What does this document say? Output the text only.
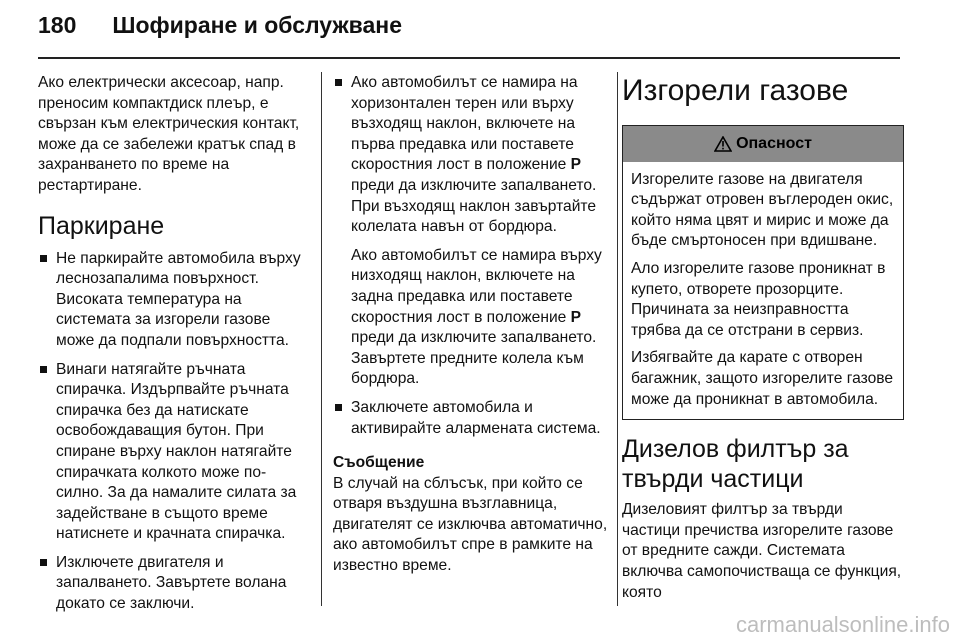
180 Шофиране и обслужване

Ако електрически аксесоар, напр. преносим компактдиск плеър, е свързан към електрическия контакт, може да се забележи кратък спад в захранването по време на рестартиране.

Паркиране
Не паркирайте автомобила върху леснозапалима повърхност. Високата температура на системата за изгорели газове може да подпали повърхността.
Винаги натягайте ръчната спирачка. Издърпвайте ръчната спирачка без да натискате освобождаващия бутон. При спиране върху наклон натягайте спирачката колкото може по-силно. За да намалите силата за задействане в същото време натиснете и крачната спирачка.
Изключете двигателя и запалването. Завъртете волана докато се заключи.

Ако автомобилът се намира на хоризонтален терен или върху възходящ наклон, включете на първа предавка или поставете скоростния лост в положение P преди да изключите запалването. При възходящ наклон завъртайте колелата навън от бордюра.

Ако автомобилът се намира върху низходящ наклон, включете на задна предавка или поставете скоростния лост в положение P преди да изключите запалването. Завъртете предните колела към бордюра.

Заключете автомобила и активирайте алармената система.

Съобщение

В случай на сблъсък, при който се отваря въздушна възглавница, двигателят се изключва автоматично, ако автомобилът спре в рамките на известно време.

Изгорели газове
Опасност

Изгорелите газове на двигателя съдържат отровен въглероден окис, който няма цвят и мирис и може да бъде смъртоносен при вдишване.

Ало изгорелите газове проникнат в купето, отворете прозорците. Причината за неизправността трябва да се отстрани в сервиз.

Избягвайте да карате с отворен багажник, защото изгорелите газове може да проникнат в автомобила.

Дизелов филтър за твърди частици

Дизеловият филтър за твърди частици пречиства изгорелите газове от вредните сажди. Системата включва самопочистваща се функция, която

carmanualsonline.info
